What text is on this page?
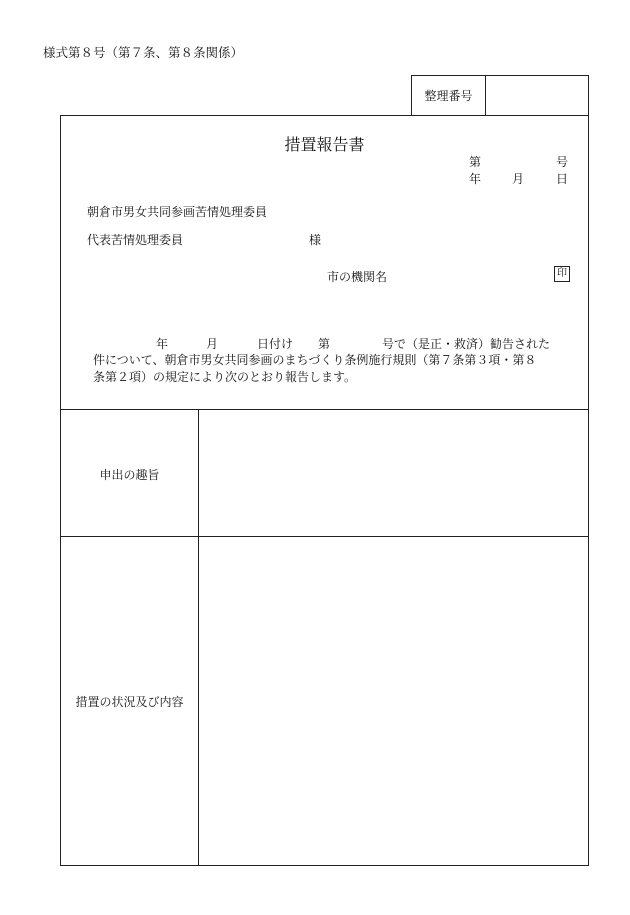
様式第８号（第７条、第８条関係）
整理番号
措置報告書
第	号
年	月	日
朝倉市男女共同参画苦情処理委員
代表苦情処理委員	様
市の機関名	印
年	月	日付け 第	号で（是正・救済）勧告された
件について、朝倉市男女共同参画のまちづくり条例施行規則（第７条第３項・第８
条第２項）の規定により次のとおり報告します。
申出の趣旨
措置の状況及び内容
